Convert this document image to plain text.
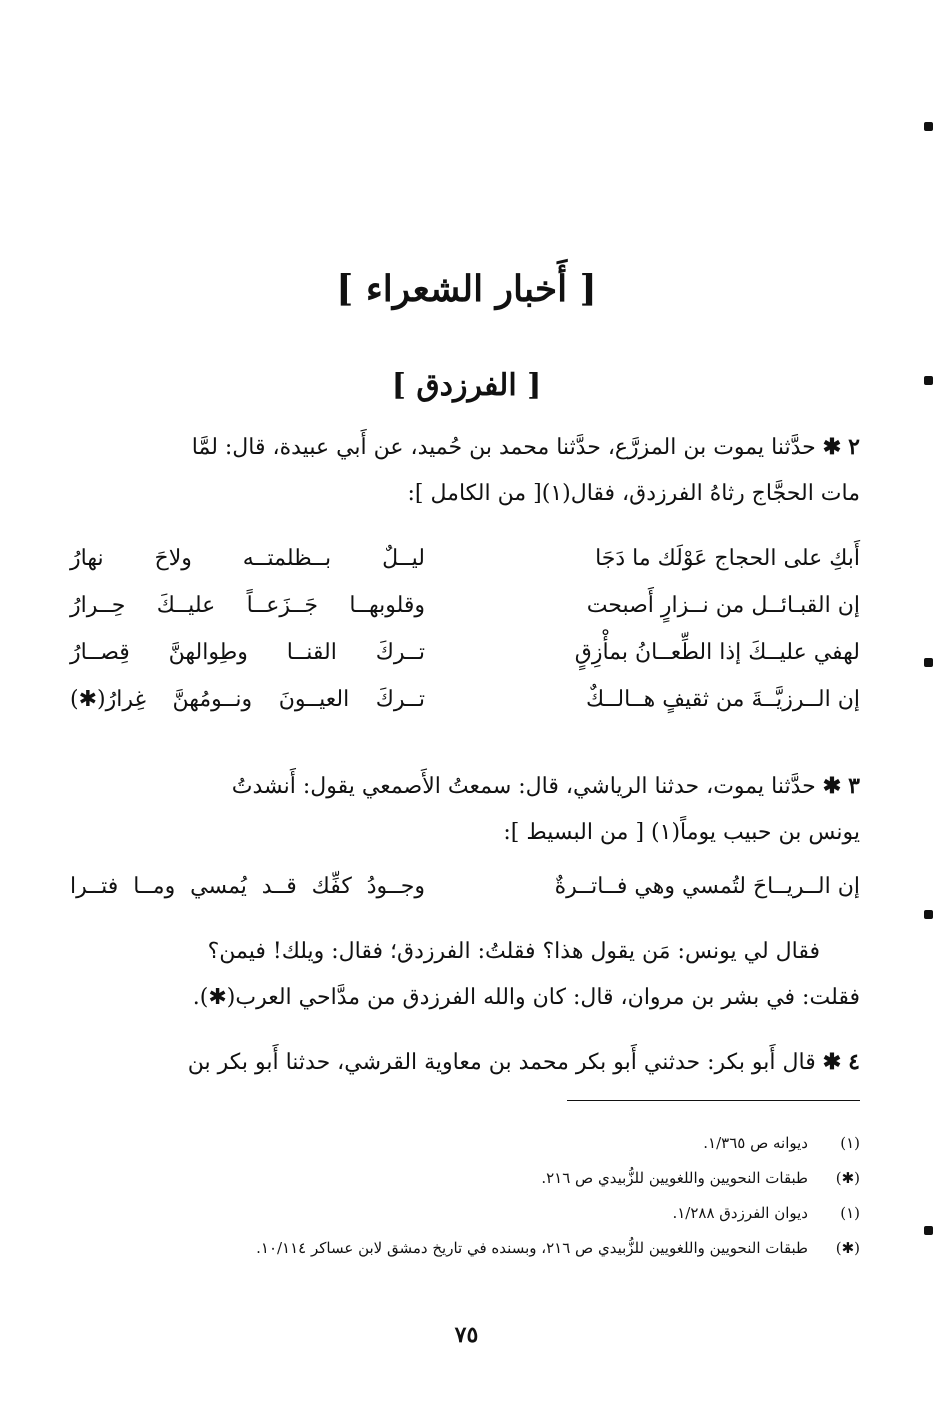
[ أَخبار الشعراء ]
[ الفرزدق ]
٢ ✱ حدَّثنا يموت بن المزرَّع، حدَّثنا محمد بن حُميد، عن أَبي عبيدة، قال: لمَّا
مات الحجَّاج رثاهُ الفرزدق، فقال(١)[ من الكامل ]:
أَبكِ على الحجاج عَوْلَك ما دَجَا
ليــلٌ بــظلمتــه ولاحَ نهارُ
إن القبـائــل من نــزارٍ أَصبحت
وقلوبهــا جَــزَعــاً عليــكَ حِــرارُ
لهفي عليــكَ إذا الطِّعــانُ بمأْزِقٍ
تــركَ القنــا وطِوالهنَّ قِصــارُ
إن الــرزيَّــةَ من ثقيفٍ هــالــكٌ
تــركَ العيــونَ ونــومُهنَّ غِرارُ(✱)
٣ ✱ حدَّثنا يموت، حدثنا الرياشي، قال: سمعتُ الأَصمعي يقول: أَنشدتُ
يونس بن حبيب يوماً(١) [ من البسيط ]:
إن الــريــاحَ لتُمسي وهي فــاتــرةٌ
وجــودُ كفِّك قــد يُمسي ومــا فتــرا
فقال لي يونس: مَن يقول هذا؟ فقلتُ: الفرزدق؛ فقال: ويلك! فيمن؟
فقلت: في بشر بن مروان، قال: كان والله الفرزدق من مدَّاحي العرب(✱).
٤ ✱ قال أَبو بكر: حدثني أَبو بكر محمد بن معاوية القرشي، حدثنا أَبو بكر بن
(١)
ديوانه ص ١/٣٦٥.
(✱)
طبقات النحويين واللغويين للزُّبيدي ص ٢١٦.
(١)
ديوان الفرزدق ١/٢٨٨.
(✱)
طبقات النحويين واللغويين للزُّبيدي ص ٢١٦، وبسنده في تاريخ دمشق لابن عساكر ١٠/١١٤.
٧٥
